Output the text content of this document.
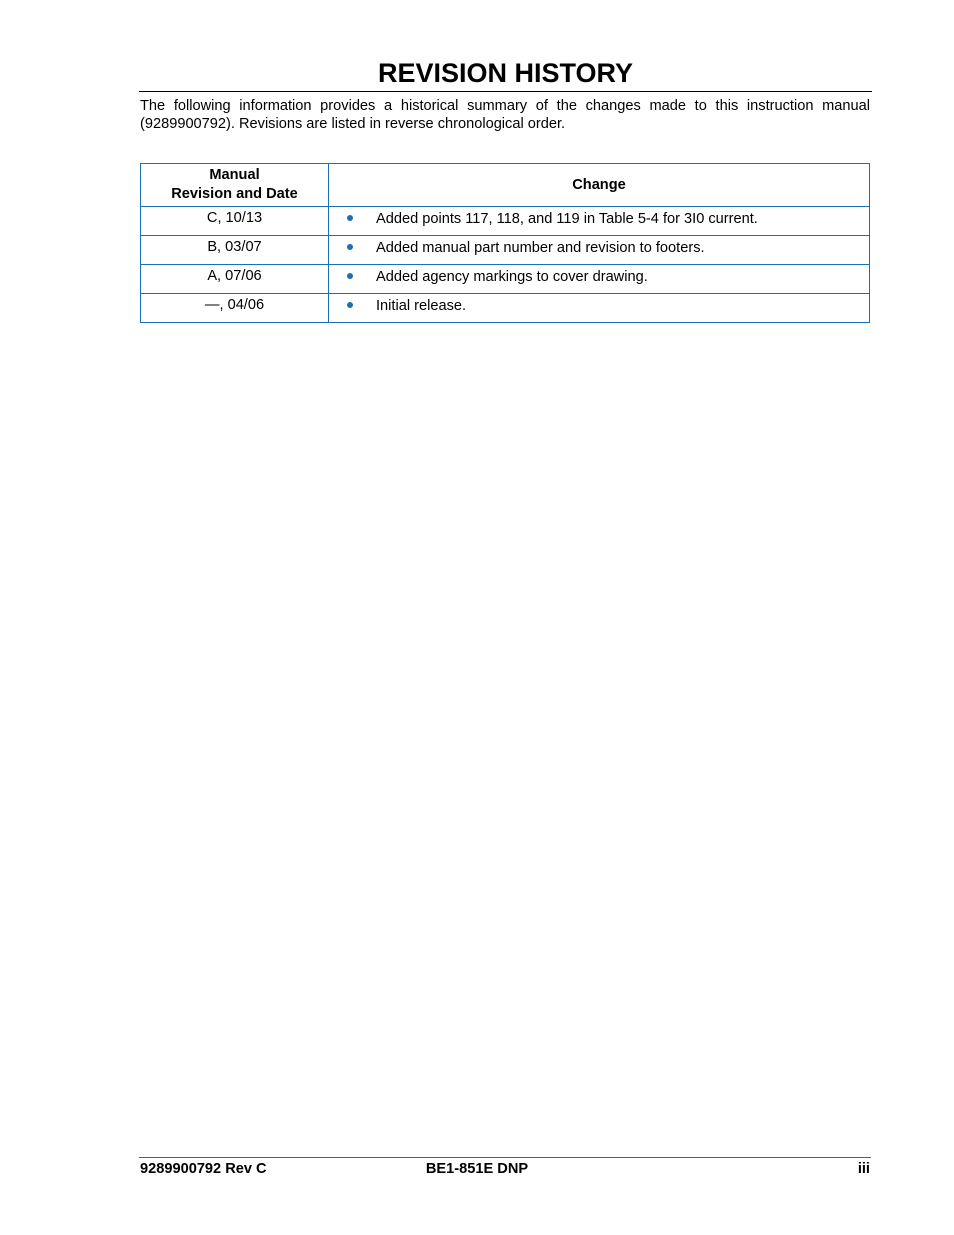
REVISION HISTORY

The following information provides a historical summary of the changes made to this instruction manual (9289900792). Revisions are listed in reverse chronological order.

Manual
Revision and Date	Change
C, 10/13	Added points 117, 118, and 119 in Table 5-4 for 3I0 current.

B, 03/07	Added manual part number and revision to footers.

A, 07/06	Added agency markings to cover drawing.

—, 04/06	Initial release.
9289900792 Rev C	BE1-851E DNP	iii
